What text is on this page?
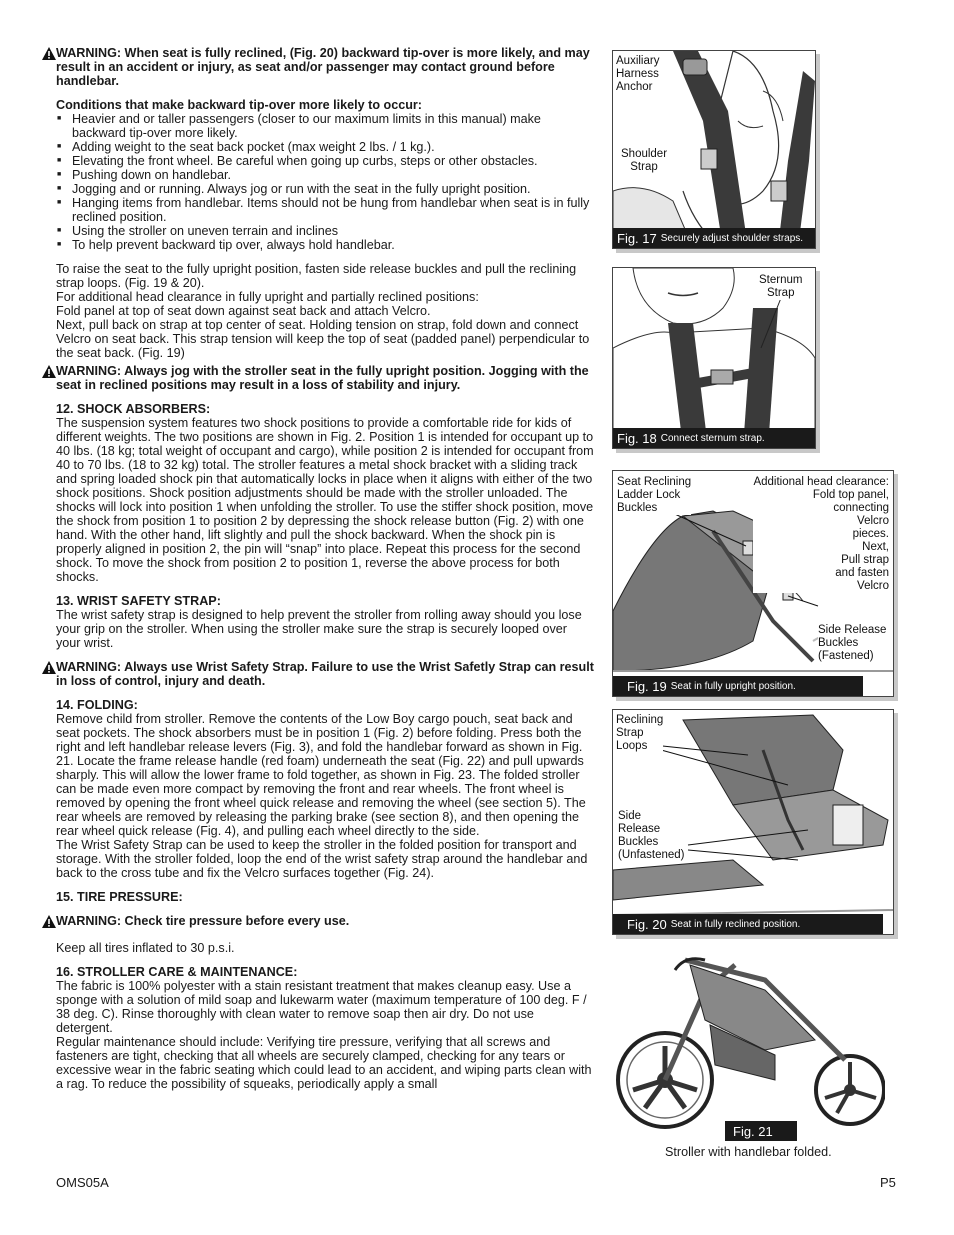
WARNING: When seat is fully reclined, (Fig. 20) backward tip-over is more likely, and may result in an accident or injury, as seat and/or passenger may contact ground before handlebar.
Conditions that make backward tip-over more likely to occur:
■ Heavier and or taller passengers (closer to our maximum limits in this manual) make backward tip-over more likely.
■ Adding weight to the seat back pocket (max weight 2 lbs. / 1 kg.).
■ Elevating the front wheel. Be careful when going up curbs, steps or other obstacles.
■ Pushing down on handlebar.
■ Jogging and or running. Always jog or run with the seat in the fully upright position.
■ Hanging items from handlebar. Items should not be hung from handlebar when seat is in fully reclined position.
■ Using the stroller on uneven terrain and inclines
■ To help prevent backward tip over, always hold handlebar.
To raise the seat to the fully upright position, fasten side release buckles and pull the reclining strap loops. (Fig. 19 & 20).
For additional head clearance in fully upright and partially reclined positions:
Fold panel at top of seat down against seat back and attach Velcro.
Next, pull back on strap at top center of seat. Holding tension on strap, fold down and connect Velcro on seat back. This strap tension will keep the top of seat (padded panel) perpendicular to the seat back. (Fig. 19)
WARNING: Always jog with the stroller seat in the fully upright position. Jogging with the seat in reclined positions may result in a loss of stability and injury.
12. SHOCK ABSORBERS:
The suspension system features two shock positions to provide a comfortable ride for kids of different weights. The two positions are shown in Fig. 2. Position 1 is intended for occupant up to 40 lbs. (18 kg; total weight of occupant and cargo), while position 2 is intended for occupant from 40 to 70 lbs. (18 to 32 kg) total. The stroller features a metal shock bracket with a sliding track and spring loaded shock pin that automatically locks in place when it aligns with either of the two shock positions. Shock position adjustments should be made with the stroller unloaded. The shocks will lock into position 1 when unfolding the stroller. To use the stiffer shock position, move the shock from position 1 to position 2 by depressing the shock release button (Fig. 2) with one hand. With the other hand, lift slightly and pull the shock backward. When the shock pin is properly aligned in position 2, the pin will “snap” into place. Repeat this process for the second shock. To move the shock from position 2 to position 1, reverse the above process for both shocks.
13. WRIST SAFETY STRAP:
The wrist safety strap is designed to help prevent the stroller from rolling away should you lose your grip on the stroller. When using the stroller make sure the strap is securely looped over your wrist.
WARNING: Always use Wrist Safety Strap. Failure to use the Wrist Safetly Strap can result in loss of control, injury and death.
14. FOLDING:
Remove child from stroller. Remove the contents of the Low Boy cargo pouch, seat back and seat pockets. The shock absorbers must be in position 1 (Fig. 2) before folding. Press both the right and left handlebar release levers (Fig. 3), and fold the handlebar forward as shown in Fig. 21. Locate the frame release handle (red foam) underneath the seat (Fig. 22) and pull upwards sharply. This will allow the lower frame to fold together, as shown in Fig. 23. The folded stroller can be made even more compact by removing the front and rear wheels. The front wheel is removed by opening the front wheel quick release and removing the wheel (see section 5). The rear wheels are removed by releasing the parking brake (see section 8), and then opening the rear wheel quick release (Fig. 4), and pulling each wheel directly to the side.
The Wrist Safety Strap can be used to keep the stroller in the folded position for transport and storage. With the stroller folded, loop the end of the wrist safety strap around the handlebar and back to the cross tube and fix the Velcro surfaces together (Fig. 24).
15. TIRE PRESSURE:
WARNING: Check tire pressure before every use.
Keep all tires inflated to 30 p.s.i.
16. STROLLER CARE & MAINTENANCE:
The fabric is 100% polyester with a stain resistant treatment that makes cleanup easy. Use a sponge with a solution of mild soap and lukewarm water (maximum temperature of 100 deg. F / 38 deg. C). Rinse thoroughly with clean water to remove soap then air dry. Do not use detergent.
Regular maintenance should include: Verifying tire pressure, verifying that all screws and fasteners are tight, checking that all wheels are securely clamped, checking for any tears or excessive wear in the fabric seating which could lead to an accident, and wiping parts clean with a rag. To reduce the possibility of squeaks, periodically apply a small
Auxiliary
Harness
Anchor
Shoulder
Strap
Fig. 17 Securely adjust shoulder straps.
Sternum
Strap
Fig. 18 Connect sternum strap.
Seat Reclining
Ladder Lock
Buckles
Additional head clearance:
Fold top panel,
connecting
Velcro
pieces.
Next,
Pull strap
and fasten
Velcro
Side Release
Buckles
(Fastened)
Fig. 19 Seat in fully upright position.
Reclining
Strap
Loops
Side
Release
Buckles
(Unfastened)
Fig. 20 Seat in fully reclined position.
Fig. 21
Stroller with handlebar folded.
OMS05A	P5
